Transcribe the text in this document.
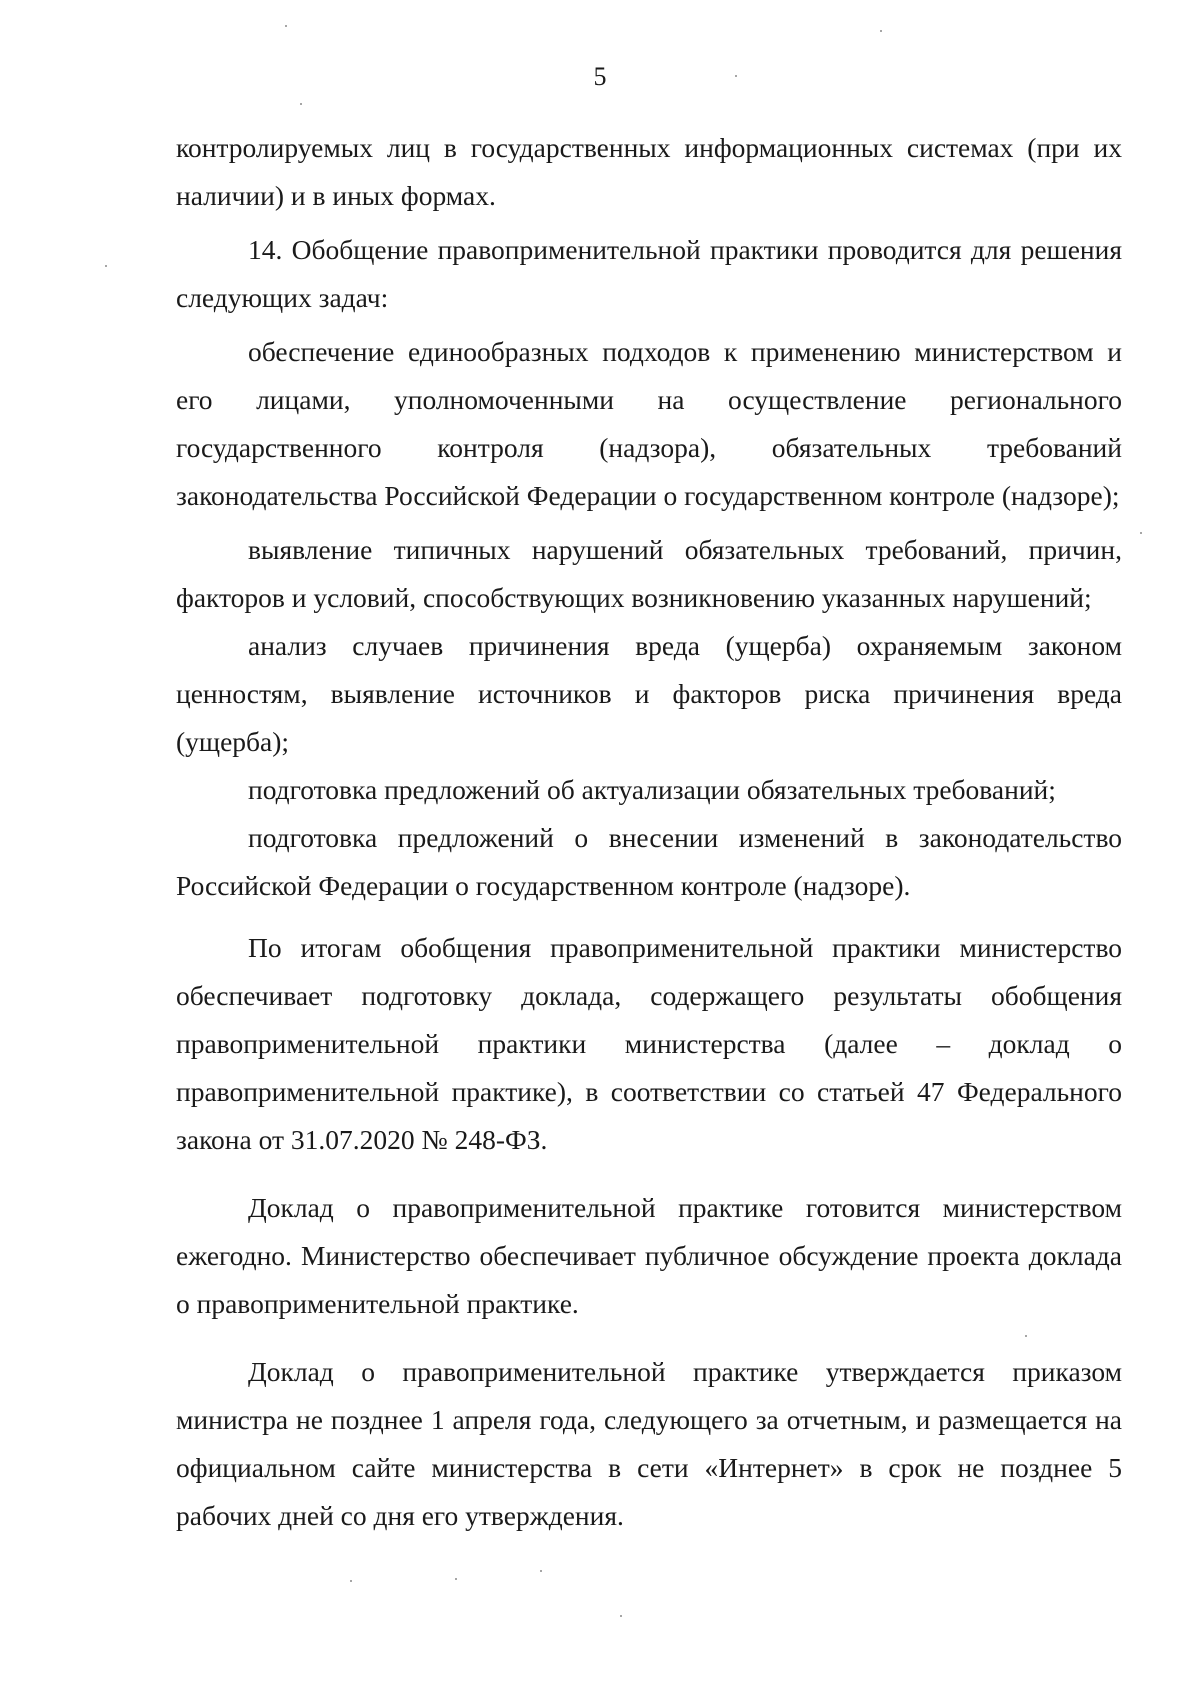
5

контролируемых лиц в государственных информационных системах (при их наличии) и в иных формах.

14. Обобщение правоприменительной практики проводится для решения следующих задач:

обеспечение единообразных подходов к применению министерством и его лицами, уполномоченными на осуществление регионального государственного контроля (надзора), обязательных требований законодательства Российской Федерации о государственном контроле (надзоре);

выявление типичных нарушений обязательных требований, причин, факторов и условий, способствующих возникновению указанных нарушений;

анализ случаев причинения вреда (ущерба) охраняемым законом ценностям, выявление источников и факторов риска причинения вреда (ущерба);

подготовка предложений об актуализации обязательных требований;

подготовка предложений о внесении изменений в законодательство Российской Федерации о государственном контроле (надзоре).

По итогам обобщения правоприменительной практики министерство обеспечивает подготовку доклада, содержащего результаты обобщения правоприменительной практики министерства (далее – доклад о правоприменительной практике), в соответствии со статьей 47 Федерального закона от 31.07.2020 № 248-ФЗ.

Доклад о правоприменительной практике готовится министерством ежегодно. Министерство обеспечивает публичное обсуждение проекта доклада о правоприменительной практике.

Доклад о правоприменительной практике утверждается приказом министра не позднее 1 апреля года, следующего за отчетным, и размещается на официальном сайте министерства в сети «Интернет» в срок не позднее 5 рабочих дней со дня его утверждения.
